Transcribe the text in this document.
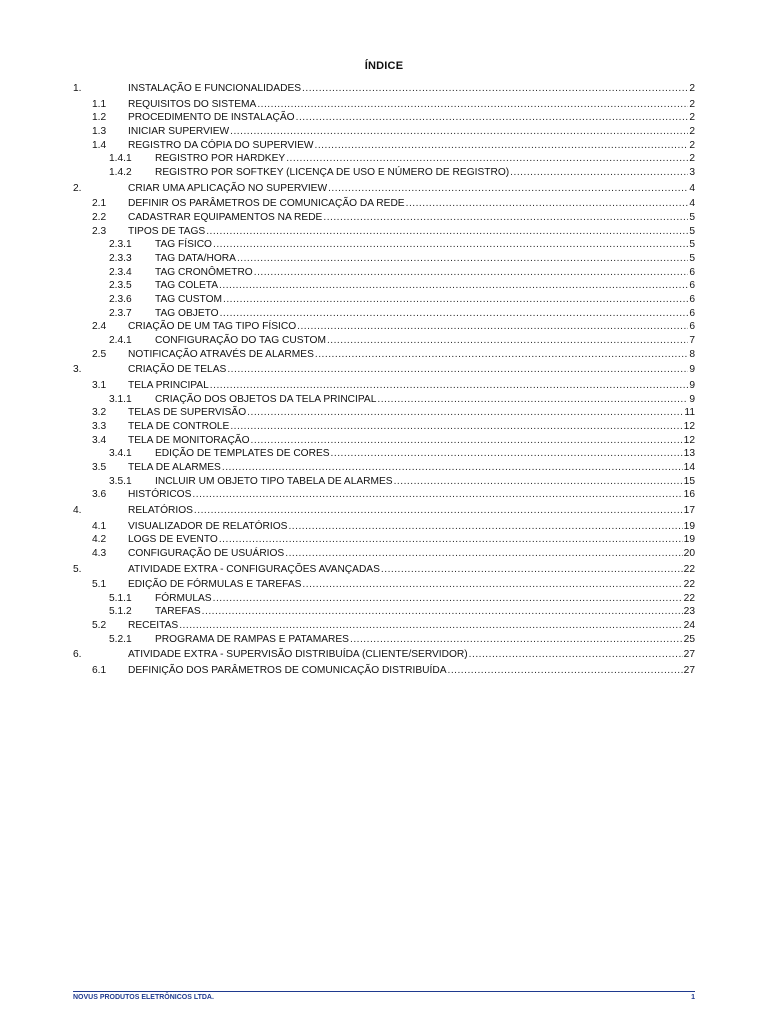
ÍNDICE
1.	INSTALAÇÃO E FUNCIONALIDADES .....	2
1.1 REQUISITOS DO SISTEMA .....	2
1.2 PROCEDIMENTO DE INSTALAÇÃO .....	2
1.3 INICIAR SUPERVIEW .....	2
1.4 REGISTRO DA CÓPIA DO SUPERVIEW .....	2
1.4.1 REGISTRO POR HARDKEY .....	2
1.4.2 REGISTRO POR SOFTKEY (LICENÇA DE USO E NÚMERO DE REGISTRO) .....	3
2.	CRIAR UMA APLICAÇÃO NO SUPERVIEW .....	4
2.1 DEFINIR OS PARÂMETROS DE COMUNICAÇÃO DA REDE .....	4
2.2 CADASTRAR EQUIPAMENTOS NA REDE .....	5
2.3 TIPOS DE TAGS .....	5
2.3.1 TAG FÍSICO .....	5
2.3.3 TAG DATA/HORA .....	5
2.3.4 TAG CRONÔMETRO .....	6
2.3.5 TAG COLETA .....	6
2.3.6 TAG CUSTOM .....	6
2.3.7 TAG OBJETO .....	6
2.4 CRIAÇÃO DE UM TAG TIPO FÍSICO .....	6
2.4.1 CONFIGURAÇÃO DO TAG CUSTOM .....	7
2.5 NOTIFICAÇÃO ATRAVÉS DE ALARMES .....	8
3.	CRIAÇÃO DE TELAS .....	9
3.1 TELA PRINCIPAL .....	9
3.1.1 CRIAÇÃO DOS OBJETOS DA TELA PRINCIPAL .....	9
3.2 TELAS DE SUPERVISÃO .....	11
3.3 TELA DE CONTROLE .....	12
3.4 TELA DE MONITORAÇÃO .....	12
3.4.1 EDIÇÃO DE TEMPLATES DE CORES .....	13
3.5 TELA DE ALARMES .....	14
3.5.1 INCLUIR UM OBJETO TIPO TABELA DE ALARMES .....	15
3.6 HISTÓRICOS .....	16
4.	RELATÓRIOS .....	17
4.1 VISUALIZADOR DE RELATÓRIOS .....	19
4.2 LOGS DE EVENTO .....	19
4.3 CONFIGURAÇÃO DE USUÁRIOS .....	20
5.	ATIVIDADE EXTRA - CONFIGURAÇÕES AVANÇADAS .....	22
5.1 EDIÇÃO DE FÓRMULAS E TAREFAS .....	22
5.1.1 FÓRMULAS .....	22
5.1.2 TAREFAS .....	23
5.2 RECEITAS .....	24
5.2.1 PROGRAMA DE RAMPAS E PATAMARES .....	25
6.	ATIVIDADE EXTRA - SUPERVISÃO DISTRIBUÍDA (CLIENTE/SERVIDOR) .....	27
6.1 DEFINIÇÃO DOS PARÂMETROS DE COMUNICAÇÃO DISTRIBUÍDA .....	27
NOVUS PRODUTOS ELETRÔNICOS LTDA.	1
